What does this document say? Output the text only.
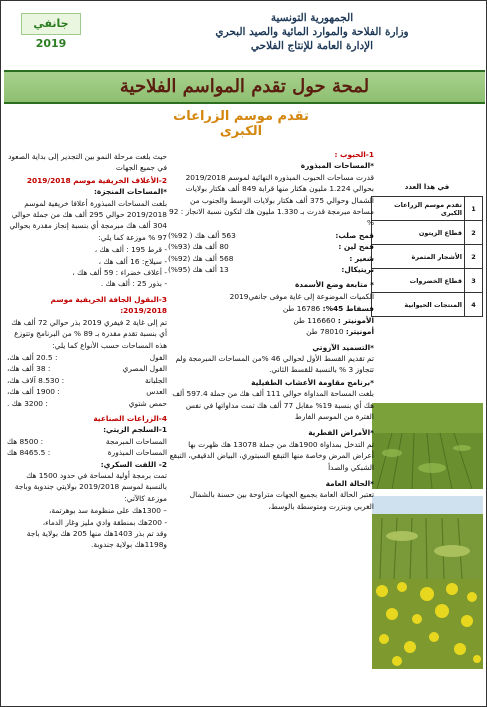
جانفي 2019
الجمهورية التونسية
وزارة الفلاحة والموارد المائية والصيد البحري
الإدارة العامة للإنتاج الفلاحي
لمحة حول تقدم المواسم الفلاحية
تقدم موسم الزراعات الكبرى
في هذا العدد
1	تقدم موسم الزراعات الكبرى
2	قطاع الزيتون
2	الأشجار المثمرة
3	قطاع الخضروات
4	المنتجات الحيوانية
1-الحبوب :
*المساحات المبذورة
قدرت مساحات الحبوب المبذورة النهائية لموسم 2019/2018 بحوالي 1.224 مليون هكتار منها قرابة 849 ألف هكتار بولايات الشمال وحوالي 375 ألف هكتار بولايات الوسط والجنوب من مساحة مبرمجة قدرت بـ 1.330 مليون هك لتكون نسبة الانجاز : 92 %
قمح صلب:
563 ألف هك ( 92%)
قمح لين :
80 ألف هك (93%)
شعير :
568 ألف هك (92%)
تريتيكال:
13 ألف هك (95%)
* متابعة وضع الأسمدة
الكميات الموضوعة إلى غاية موفى جانفي2019
فسفاط 45%: 16786 طن
الأمونيتر : 116660 طن
أمونيتر: 78010 طن
*التسميد الآزوتي
تم تقديم القسط الأول لحوالي 46 %من المساحات المبرمجة ولم تتجاوز 3 % بالنسبة للقسط الثاني.
*برنامج مقاومة الأعشاب الطفيلية
بلغت المساحة المداواة حوالي 111 ألف هك من جملة 597.4 ألف هك أي بنسبة 19% مقابل 77 ألف هك تمت مداواتها في نفس الفترة من الموسم الفارط
*الأمراض الفطرية
تم التدخل بمداواة 1900هك من جملة 13078 هك ظهرت بها أعراض المرض وخاصة منها التبقع السبتوري، البياض الدقيقي، التبقع الشبكي والصدأ
*الحالة العامة
تعتبر الحالة العامة بجميع الجهات متراوحة بين حسنة بالشمال الغربي وبنزرت ومتوسطة بالوسط،
حيث بلغت مرحلة النمو بين التجدير إلى بداية الصعود في جميع الجهات
2-الأعلاف الخريفية موسم 2019/2018
*المساحات المنجزة:
بلغت المساحات المبذورة أعلافا خريفية لموسم 2019/2018 حوالي 295 ألف هك من جملة حوالي 304 ألف هك مبرمجة أي بنسبة إنجاز مقدرة بحوالي 97 % موزعة كما يلي:
- قرط 195 : ألف هك ،
- سيلاج: 16 ألف هك ،
- أعلاف خضراء : 59 ألف هك ،
- بذور 25 : ألف هك .
3-البقول الجافة الخريفية موسم 2019/2018:
تم إلى غاية 2 فيفري 2019 بذر حوالي 72 ألف هك أي بنسبة تقدم مقدرة بـ 89 % من البرنامج وتتوزع هذه المساحات حسب الأنواع كما يلي:
الفول
: 20.5 ألف هك،
الفول المصري
: 38 ألف هك،
الجلبانة
: 8.530 آلاف هك،
العدس
: 1900 ألف هك،
حمص شتوي
: 3200 هك .
4-الزراعات الصناعية
1-السلجم الزيتي:
المساحات المبرمجة
: 8500 هك
المساحات المبذورة
: 8465.5 هك
2- اللفت السكري:
تمت برمجة أولية لمساحة في حدود 1500 هك بالنسبة لموسم 2019/2018 بولايتي جندوبة وباجة موزعة كالآتي:
– 1300هك على منظومة سد بوهرتمة،
- 200هك بمنطقة وادي مليز وغار الدماء،
وقد تم بذر 1403هك منها 205 هك بولاية باجة و1198هك بولاية جندوبة.
